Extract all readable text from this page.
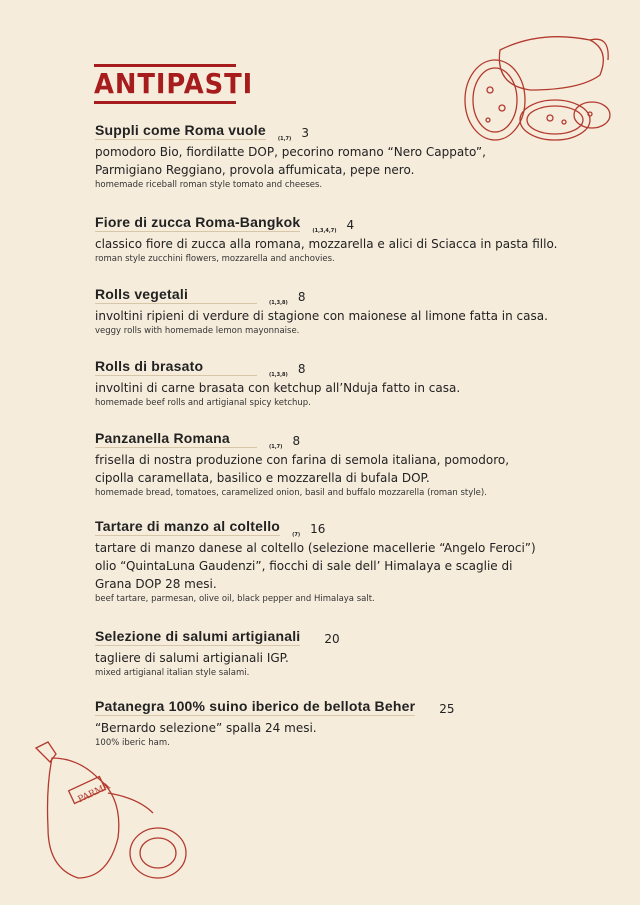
ANTIPASTI
PARMA
Suppli come Roma vuole
(1,7) 3
pomodoro Bio, fiordilatte DOP, pecorino romano “Nero Cappato”,
Parmigiano Reggiano, provola affumicata, pepe nero.
homemade riceball roman style tomato and cheeses.
Fiore di zucca Roma-Bangkok
(1,3,4,7) 4
classico fiore di zucca alla romana, mozzarella e alici di Sciacca in pasta fillo.
roman style zucchini flowers, mozzarella and anchovies.
Rolls vegetali
(1,3,8) 8
involtini ripieni di verdure di stagione con maionese al limone fatta in casa.
veggy rolls with homemade lemon mayonnaise.
Rolls di brasato
(1,3,8) 8
involtini di carne brasata con ketchup all’Nduja fatto in casa.
homemade beef rolls and artigianal spicy ketchup.
Panzanella Romana
(1,7) 8
frisella di nostra produzione con farina di semola italiana, pomodoro,
cipolla caramellata, basilico e mozzarella di bufala DOP.
homemade bread, tomatoes, caramelized onion, basil and buffalo mozzarella (roman style).
Tartare di manzo al coltello
(7) 16
tartare di manzo danese al coltello (selezione macellerie “Angelo Feroci”)
olio “QuintaLuna Gaudenzi”, fiocchi di sale dell’ Himalaya e scaglie di
Grana DOP 28 mesi.
beef tartare, parmesan, olive oil, black pepper and Himalaya salt.
Selezione di salumi artigianali 20
tagliere di salumi artigianali IGP.
mixed artigianal italian style salami.
Patanegra 100% suino iberico de bellota Beher 25
“Bernardo selezione” spalla 24 mesi.
100% iberic ham.
